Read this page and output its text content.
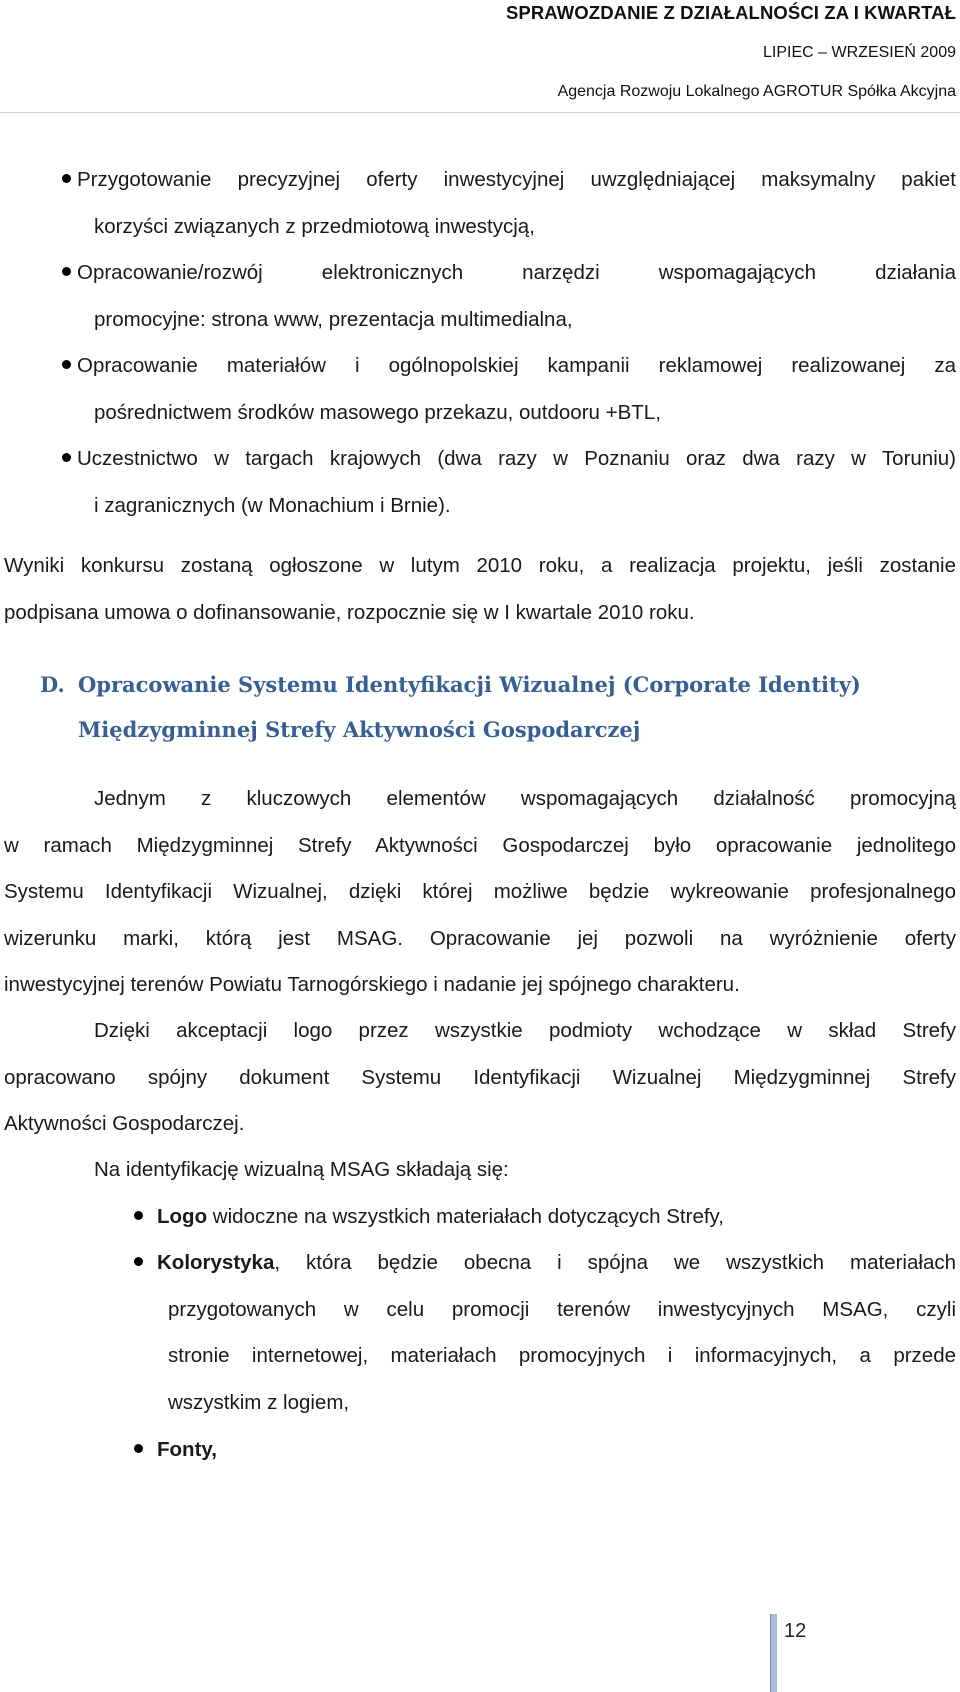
SPRAWOZDANIE Z DZIAŁALNOŚCI ZA I KWARTAŁ
LIPIEC – WRZESIEŃ 2009
Agencja Rozwoju Lokalnego AGROTUR Spółka Akcyjna
Przygotowanie precyzyjnej oferty inwestycyjnej uwzględniającej maksymalny pakiet
korzyści związanych z przedmiotową inwestycją,
Opracowanie/rozwój elektronicznych narzędzi wspomagających działania
promocyjne: strona www, prezentacja multimedialna,
Opracowanie materiałów i ogólnopolskiej kampanii reklamowej realizowanej za
pośrednictwem środków masowego przekazu, outdooru +BTL,
Uczestnictwo w targach krajowych (dwa razy w Poznaniu oraz dwa razy w Toruniu)
i zagranicznych (w Monachium i Brnie).
Wyniki konkursu zostaną ogłoszone w lutym 2010 roku, a realizacja projektu, jeśli zostanie
podpisana umowa o dofinansowanie, rozpocznie się w I kwartale 2010 roku.
D. Opracowanie Systemu Identyfikacji Wizualnej (Corporate Identity)
Międzygminnej Strefy Aktywności Gospodarczej
Jednym z kluczowych elementów wspomagających działalność promocyjną
w ramach Międzygminnej Strefy Aktywności Gospodarczej było opracowanie jednolitego
Systemu Identyfikacji Wizualnej, dzięki której możliwe będzie wykreowanie profesjonalnego
wizerunku marki, którą jest MSAG. Opracowanie jej pozwoli na wyróżnienie oferty
inwestycyjnej terenów Powiatu Tarnogórskiego i nadanie jej spójnego charakteru.
Dzięki akceptacji logo przez wszystkie podmioty wchodzące w skład Strefy
opracowano spójny dokument Systemu Identyfikacji Wizualnej Międzygminnej Strefy
Aktywności Gospodarczej.
Na identyfikację wizualną MSAG składają się:
Logo widoczne na wszystkich materiałach dotyczących Strefy,
Kolorystyka, która będzie obecna i spójna we wszystkich materiałach
przygotowanych w celu promocji terenów inwestycyjnych MSAG, czyli
stronie internetowej, materiałach promocyjnych i informacyjnych, a przede
wszystkim z logiem,
Fonty,
12
